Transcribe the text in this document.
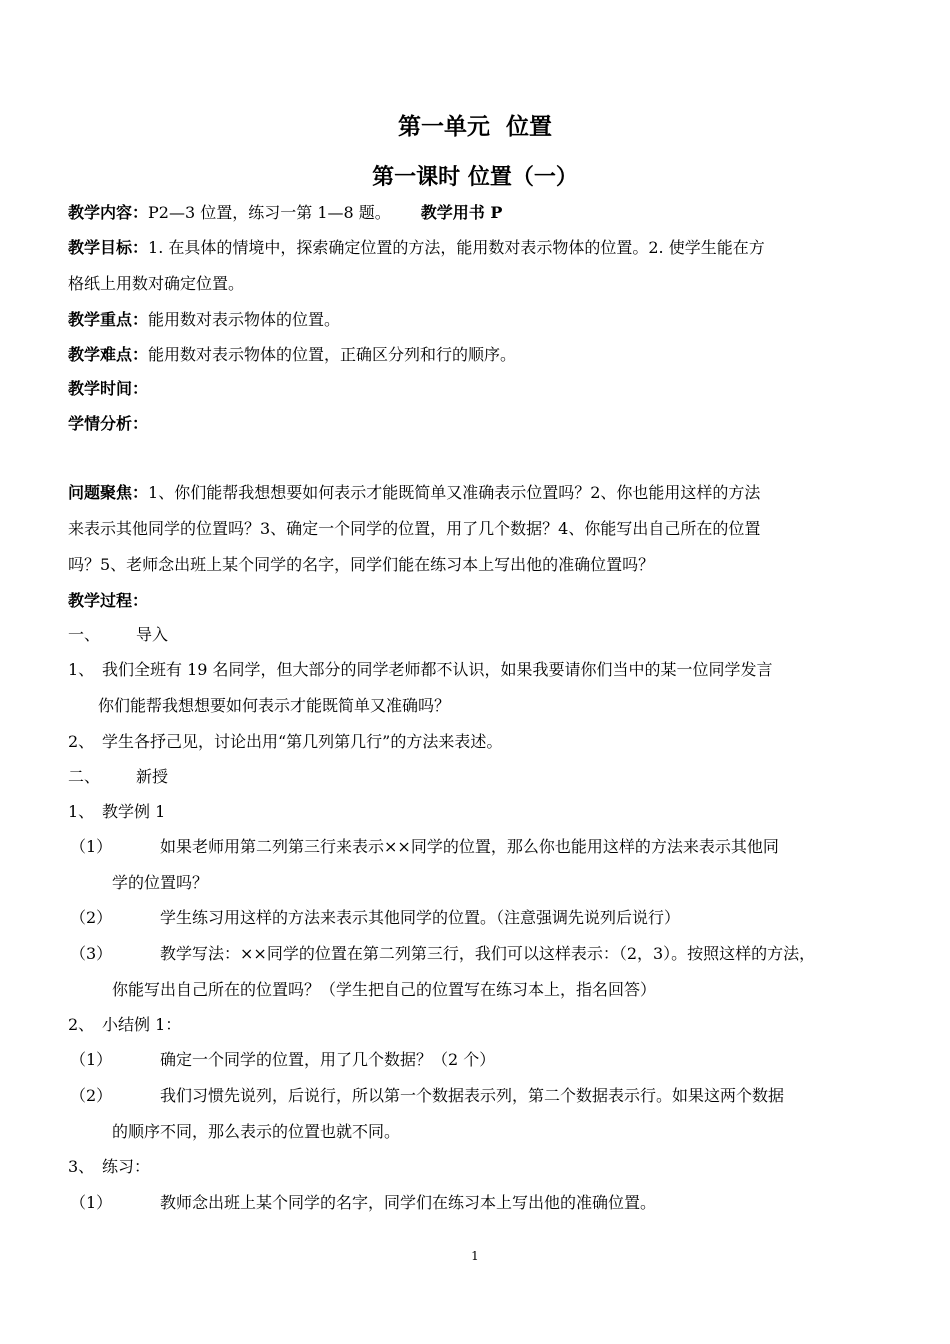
第一单元  位置
第一课时 位置（一）
教学内容：P2—3 位置，练习一第 1—8 题。 教学用书 P
教学目标：1. 在具体的情境中，探索确定位置的方法，能用数对表示物体的位置。2. 使学生能在方
格纸上用数对确定位置。
教学重点：能用数对表示物体的位置。
教学难点：能用数对表示物体的位置，正确区分列和行的顺序。
教学时间：
学情分析：
问题聚焦：1、你们能帮我想想要如何表示才能既简单又准确表示位置吗？2、你也能用这样的方法
来表示其他同学的位置吗？3、确定一个同学的位置，用了几个数据？4、你能写出自己所在的位置
吗？5、老师念出班上某个同学的名字，同学们能在练习本上写出他的准确位置吗？
教学过程：
一、 导入
1、 我们全班有 19 名同学，但大部分的同学老师都不认识，如果我要请你们当中的某一位同学发言
你们能帮我想想要如何表示才能既简单又准确吗？
2、 学生各抒己见，讨论出用“第几列第几行”的方法来表述。
二、 新授
1、 教学例 1
（1）	如果老师用第二列第三行来表示××同学的位置，那么你也能用这样的方法来表示其他同
学的位置吗？
（2）	学生练习用这样的方法来表示其他同学的位置。（注意强调先说列后说行）
（3）	教学写法：××同学的位置在第二列第三行，我们可以这样表示：（2，3）。按照这样的方法，
你能写出自己所在的位置吗？（学生把自己的位置写在练习本上，指名回答）
2、 小结例 1：
（1）	确定一个同学的位置，用了几个数据？（2 个）
（2）	我们习惯先说列，后说行，所以第一个数据表示列，第二个数据表示行。如果这两个数据
的顺序不同，那么表示的位置也就不同。
3、 练习：
（1）	教师念出班上某个同学的名字，同学们在练习本上写出他的准确位置。
1
